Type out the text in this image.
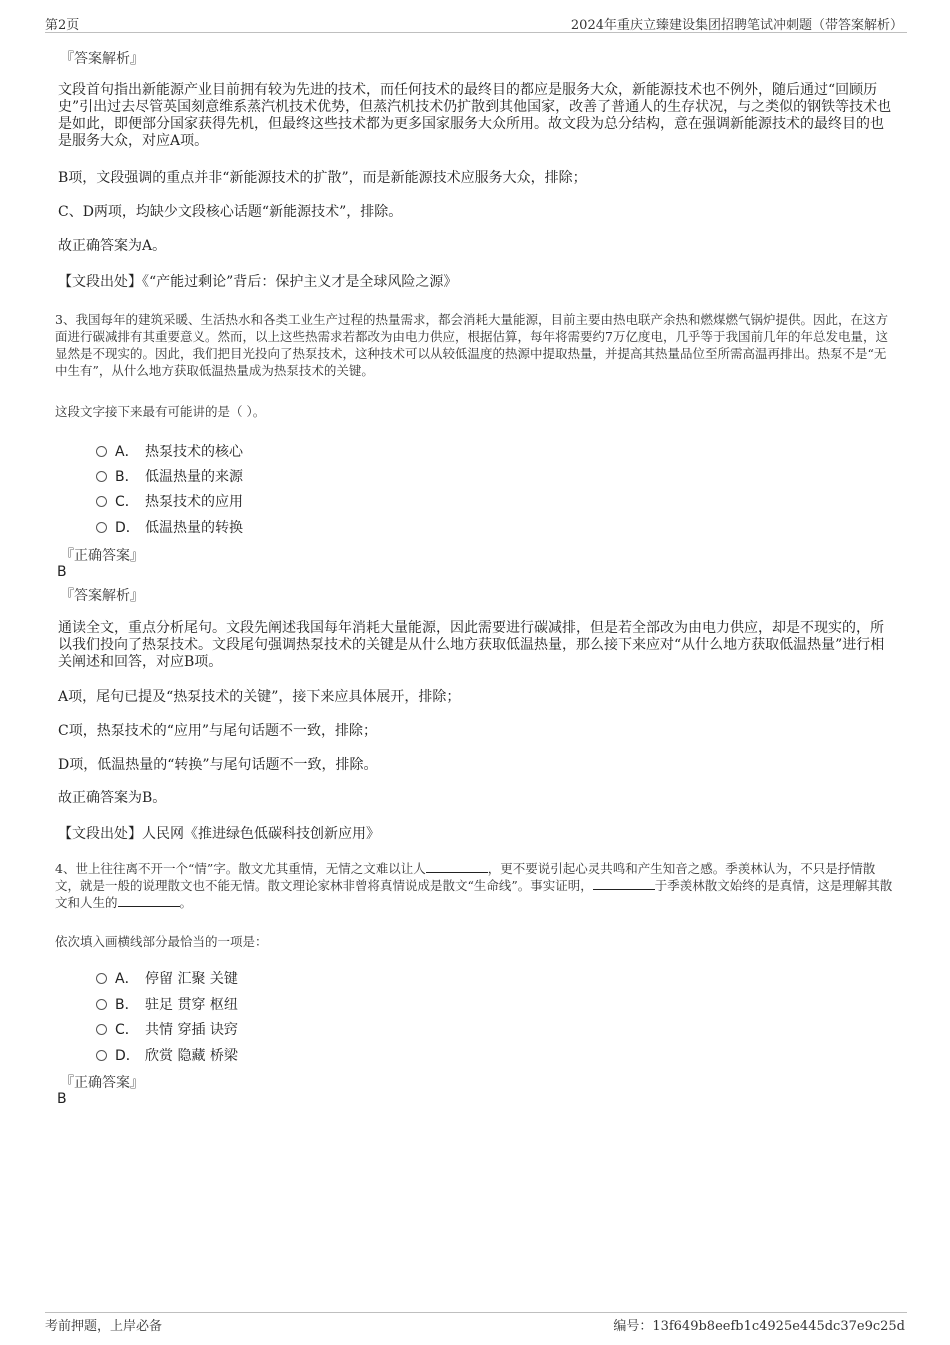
第2页	2024年重庆立臻建设集团招聘笔试冲刺题（带答案解析）
『答案解析』
文段首句指出新能源产业目前拥有较为先进的技术，而任何技术的最终目的都应是服务大众，新能源技术也不例外，随后通过“回顾历史”引出过去尽管英国刻意维系蒸汽机技术优势，但蒸汽机技术仍扩散到其他国家，改善了普通人的生存状况，与之类似的钢铁等技术也是如此，即便部分国家获得先机，但最终这些技术都为更多国家服务大众所用。故文段为总分结构，意在强调新能源技术的最终目的也是服务大众，对应A项。
B项，文段强调的重点并非“新能源技术的扩散”，而是新能源技术应服务大众，排除；
C、D两项，均缺少文段核心话题“新能源技术”，排除。
故正确答案为A。
【文段出处】《“产能过剩论”背后：保护主义才是全球风险之源》
3、我国每年的建筑采暖、生活热水和各类工业生产过程的热量需求，都会消耗大量能源，目前主要由热电联产余热和燃煤燃气锅炉提供。因此，在这方面进行碳减排有其重要意义。然而，以上这些热需求若都改为由电力供应，根据估算，每年将需要约7万亿度电，几乎等于我国前几年的年总发电量，这显然是不现实的。因此，我们把目光投向了热泵技术，这种技术可以从较低温度的热源中提取热量，并提高其热量品位至所需高温再排出。热泵不是“无中生有”，从什么地方获取低温热量成为热泵技术的关键。
这段文字接下来最有可能讲的是（ ）。
A． 热泵技术的核心
B． 低温热量的来源
C． 热泵技术的应用
D． 低温热量的转换
『正确答案』
B
『答案解析』
通读全文，重点分析尾句。文段先阐述我国每年消耗大量能源，因此需要进行碳减排，但是若全部改为由电力供应，却是不现实的，所以我们投向了热泵技术。文段尾句强调热泵技术的关键是从什么地方获取低温热量，那么接下来应对“从什么地方获取低温热量”进行相关阐述和回答，对应B项。
A项，尾句已提及“热泵技术的关键”，接下来应具体展开，排除；
C项，热泵技术的“应用”与尾句话题不一致，排除；
D项，低温热量的“转换”与尾句话题不一致，排除。
故正确答案为B。
【文段出处】人民网《推进绿色低碳科技创新应用》
4、世上往往离不开一个“情”字。散文尤其重情，无情之文难以让人	，更不要说引起心灵共鸣和产生知音之感。季羡林认为，不只是抒情散文，就是一般的说理散文也不能无情。散文理论家林非曾将真情说成是散文“生命线”。事实证明，	于季羡林散文始终的是真情，这是理解其散文和人生的	。
依次填入画横线部分最恰当的一项是：
A． 停留 汇聚 关键
B． 驻足 贯穿 枢纽
C． 共情 穿插 诀窍
D． 欣赏 隐藏 桥梁
『正确答案』
B
考前押题，上岸必备	编号：13f649b8eefb1c4925e445dc37e9c25d
